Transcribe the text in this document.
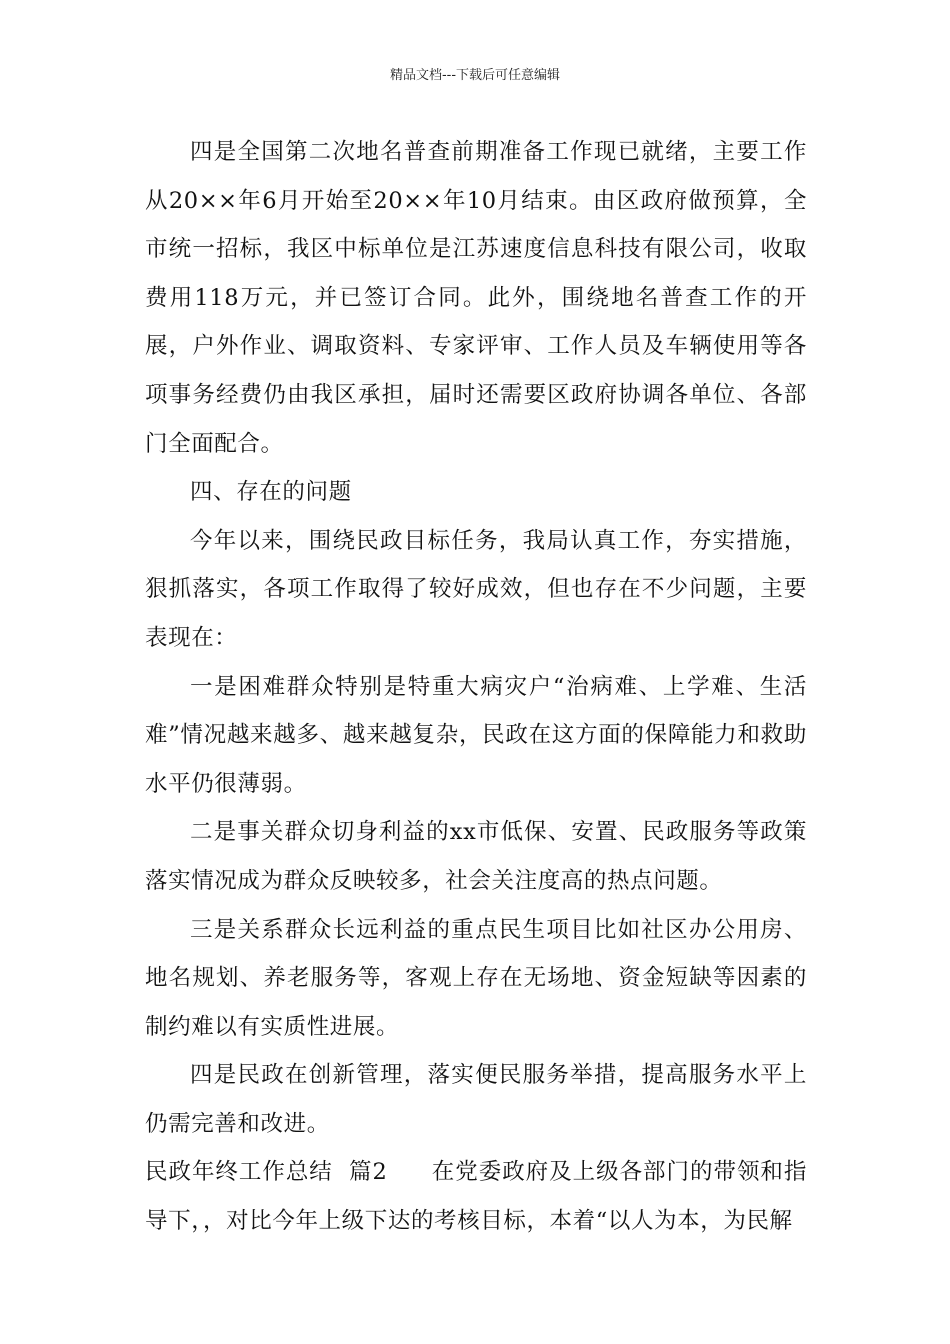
精品文档---下载后可任意编辑

四是全国第二次地名普查前期准备工作现已就绪，主要工作从20××年6月开始至20××年10月结束。由区政府做预算，全市统一招标，我区中标单位是江苏速度信息科技有限公司，收取费用118万元，并已签订合同。此外，围绕地名普查工作的开展，户外作业、调取资料、专家评审、工作人员及车辆使用等各项事务经费仍由我区承担，届时还需要区政府协调各单位、各部门全面配合。

四、存在的问题

今年以来，围绕民政目标任务，我局认真工作，夯实措施，狠抓落实，各项工作取得了较好成效，但也存在不少问题，主要表现在：

一是困难群众特别是特重大病灾户“治病难、上学难、生活难”情况越来越多、越来越复杂，民政在这方面的保障能力和救助水平仍很薄弱。

二是事关群众切身利益的xx市低保、安置、民政服务等政策落实情况成为群众反映较多，社会关注度高的热点问题。

三是关系群众长远利益的重点民生项目比如社区办公用房、地名规划、养老服务等，客观上存在无场地、资金短缺等因素的制约难以有实质性进展。

四是民政在创新管理，落实便民服务举措，提高服务水平上仍需完善和改进。

民政年终工作总结  篇2 在党委政府及上级各部门的带领和指导下，，对比今年上级下达的考核目标，本着“以人为本，为民解
